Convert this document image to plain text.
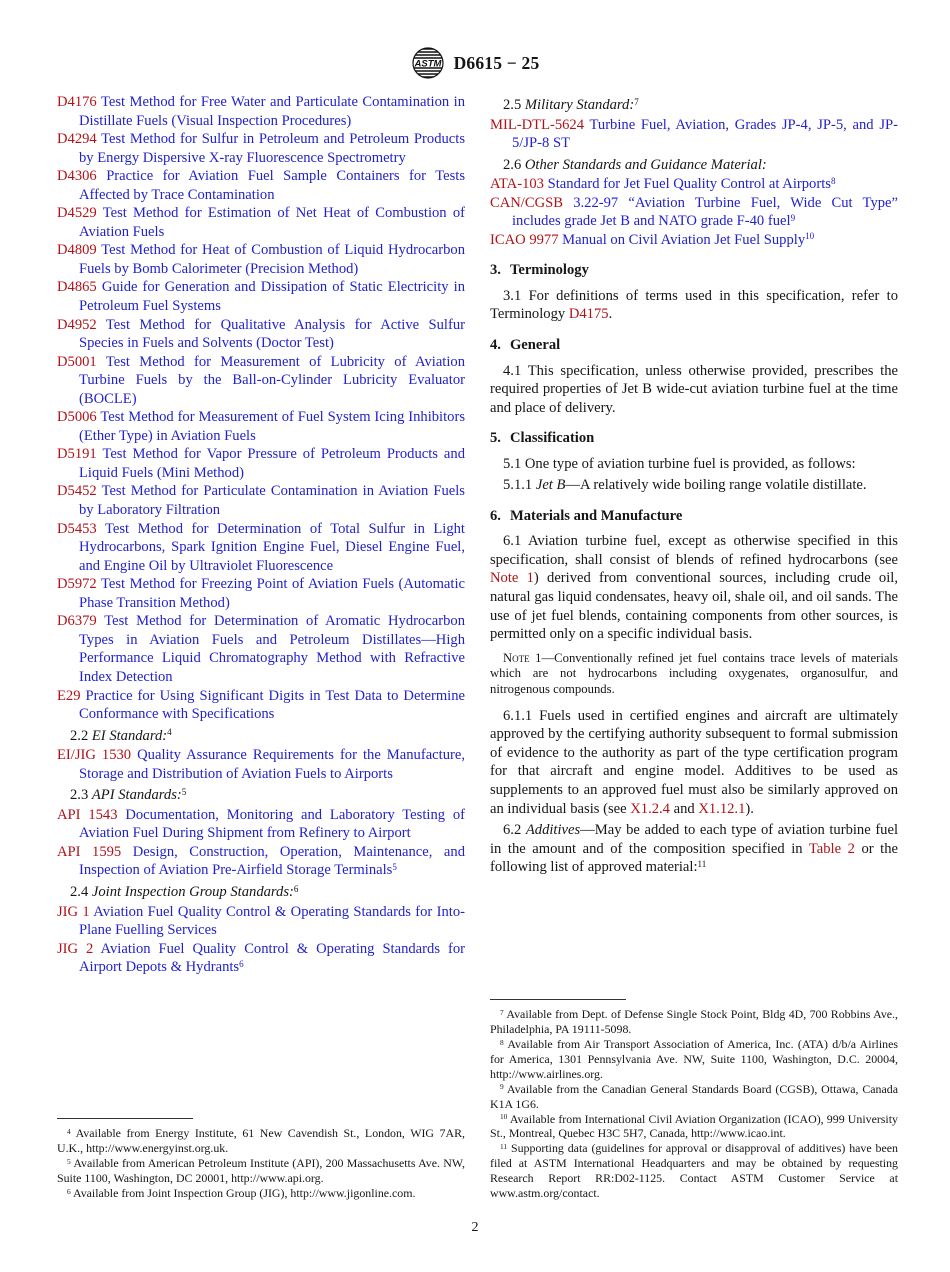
ASTM D6615 − 25

D4176 Test Method for Free Water and Particulate Contamination in Distillate Fuels (Visual Inspection Procedures)

D4294 Test Method for Sulfur in Petroleum and Petroleum Products by Energy Dispersive X-ray Fluorescence Spectrometry

D4306 Practice for Aviation Fuel Sample Containers for Tests Affected by Trace Contamination

D4529 Test Method for Estimation of Net Heat of Combustion of Aviation Fuels

D4809 Test Method for Heat of Combustion of Liquid Hydrocarbon Fuels by Bomb Calorimeter (Precision Method)

D4865 Guide for Generation and Dissipation of Static Electricity in Petroleum Fuel Systems

D4952 Test Method for Qualitative Analysis for Active Sulfur Species in Fuels and Solvents (Doctor Test)

D5001 Test Method for Measurement of Lubricity of Aviation Turbine Fuels by the Ball-on-Cylinder Lubricity Evaluator (BOCLE)

D5006 Test Method for Measurement of Fuel System Icing Inhibitors (Ether Type) in Aviation Fuels

D5191 Test Method for Vapor Pressure of Petroleum Products and Liquid Fuels (Mini Method)

D5452 Test Method for Particulate Contamination in Aviation Fuels by Laboratory Filtration

D5453 Test Method for Determination of Total Sulfur in Light Hydrocarbons, Spark Ignition Engine Fuel, Diesel Engine Fuel, and Engine Oil by Ultraviolet Fluorescence

D5972 Test Method for Freezing Point of Aviation Fuels (Automatic Phase Transition Method)

D6379 Test Method for Determination of Aromatic Hydrocarbon Types in Aviation Fuels and Petroleum Distillates—High Performance Liquid Chromatography Method with Refractive Index Detection

E29 Practice for Using Significant Digits in Test Data to Determine Conformance with Specifications

2.2 EI Standard:$^4$

EI/JIG 1530 Quality Assurance Requirements for the Manufacture, Storage and Distribution of Aviation Fuels to Airports

2.3 API Standards:$^5$

API 1543 Documentation, Monitoring and Laboratory Testing of Aviation Fuel During Shipment from Refinery to Airport

API 1595 Design, Construction, Operation, Maintenance, and Inspection of Aviation Pre-Airfield Storage Terminals$^5$

2.4 Joint Inspection Group Standards:$^6$

JIG 1 Aviation Fuel Quality Control & Operating Standards for Into-Plane Fuelling Services

JIG 2 Aviation Fuel Quality Control & Operating Standards for Airport Depots & Hydrants$^6$

$^4$ Available from Energy Institute, 61 New Cavendish St., London, WIG 7AR, U.K., http://www.energyinst.org.uk.

$^5$ Available from American Petroleum Institute (API), 200 Massachusetts Ave. NW, Suite 1100, Washington, DC 20001, http://www.api.org.

$^6$ Available from Joint Inspection Group (JIG), http://www.jigonline.com.

2.5 Military Standard:$^7$

MIL-DTL-5624 Turbine Fuel, Aviation, Grades JP-4, JP-5, and JP-5/JP-8 ST

2.6 Other Standards and Guidance Material:

ATA-103 Standard for Jet Fuel Quality Control at Airports$^8$

CAN/CGSB 3.22-97 “Aviation Turbine Fuel, Wide Cut Type” includes grade Jet B and NATO grade F-40 fuel$^9$

ICAO 9977 Manual on Civil Aviation Jet Fuel Supply$^{10}$

3. Terminology

3.1 For definitions of terms used in this specification, refer to Terminology D4175.

4. General

4.1 This specification, unless otherwise provided, prescribes the required properties of Jet B wide-cut aviation turbine fuel at the time and place of delivery.

5. Classification

5.1 One type of aviation turbine fuel is provided, as follows:

5.1.1 Jet B—A relatively wide boiling range volatile distillate.

6. Materials and Manufacture

6.1 Aviation turbine fuel, except as otherwise specified in this specification, shall consist of blends of refined hydrocarbons (see Note 1) derived from conventional sources, including crude oil, natural gas liquid condensates, heavy oil, shale oil, and oil sands. The use of jet fuel blends, containing components from other sources, is permitted only on a specific individual basis.

Note 1—Conventionally refined jet fuel contains trace levels of materials which are not hydrocarbons including oxygenates, organosulfur, and nitrogenous compounds.

6.1.1 Fuels used in certified engines and aircraft are ultimately approved by the certifying authority subsequent to formal submission of evidence to the authority as part of the type certification program for that aircraft and engine model. Additives to be used as supplements to an approved fuel must also be similarly approved on an individual basis (see X1.2.4 and X1.12.1).

6.2 Additives—May be added to each type of aviation turbine fuel in the amount and of the composition specified in Table 2 or the following list of approved material:$^{11}$

$^7$ Available from Dept. of Defense Single Stock Point, Bldg 4D, 700 Robbins Ave., Philadelphia, PA 19111-5098.

$^8$ Available from Air Transport Association of America, Inc. (ATA) d/b/a Airlines for America, 1301 Pennsylvania Ave. NW, Suite 1100, Washington, D.C. 20004, http://www.airlines.org.

$^9$ Available from the Canadian General Standards Board (CGSB), Ottawa, Canada K1A 1G6.

$^{10}$ Available from International Civil Aviation Organization (ICAO), 999 University St., Montreal, Quebec H3C 5H7, Canada, http://www.icao.int.

$^{11}$ Supporting data (guidelines for approval or disapproval of additives) have been filed at ASTM International Headquarters and may be obtained by requesting Research Report RR:D02-1125. Contact ASTM Customer Service at www.astm.org/contact.

2
